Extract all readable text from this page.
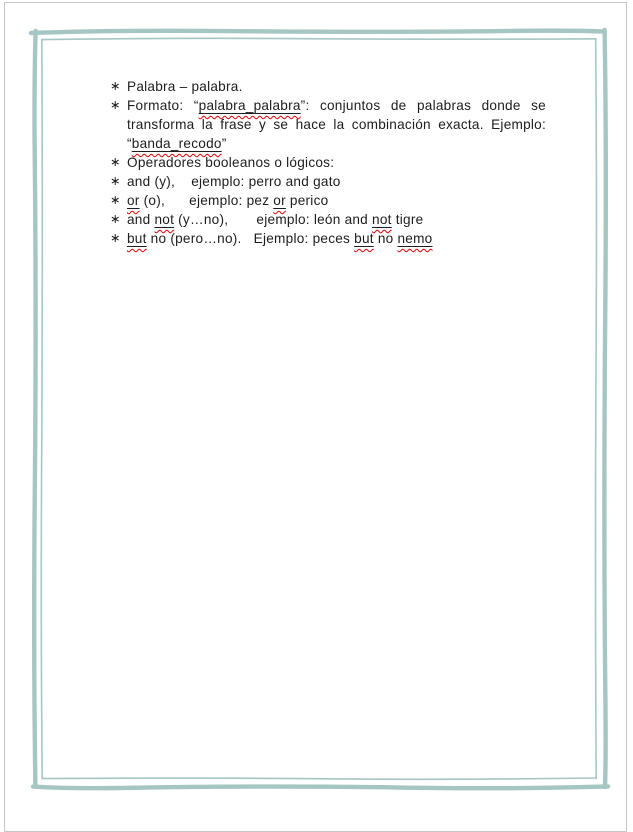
∗ Palabra – palabra.
∗ Formato: “palabra_palabra”: conjuntos de palabras donde se transforma la frase y se hace la combinación exacta. Ejemplo:  “banda_recodo”
∗ Operadores booleanos o lógicos:
∗ and (y),    ejemplo: perro and gato
∗ or (o),      ejemplo: pez or perico
∗ and not (y…no),       ejemplo: león and not tigre
∗ but no (pero…no).   Ejemplo: peces but no nemo
